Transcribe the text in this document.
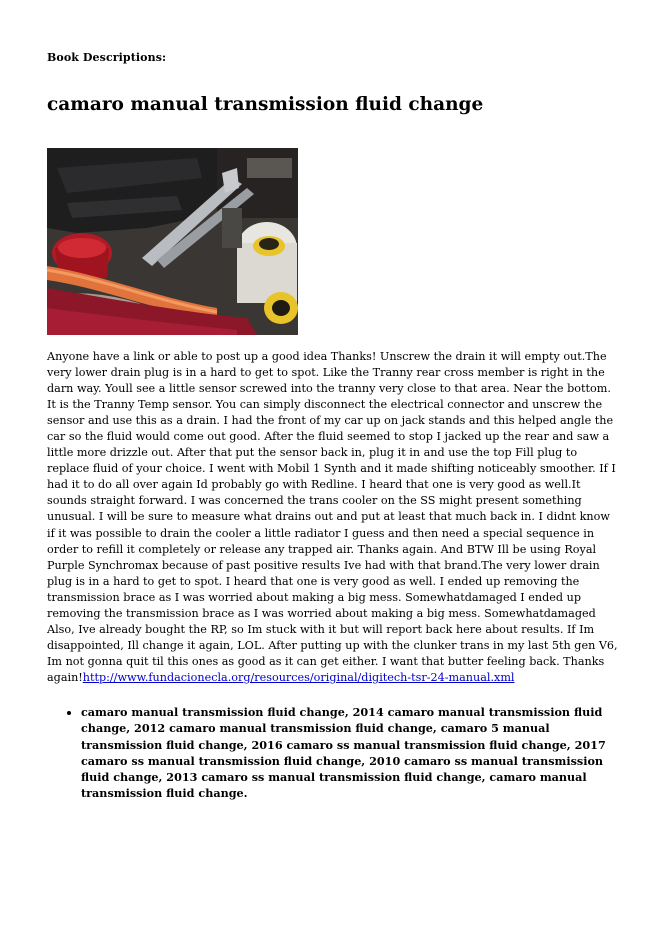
Book Descriptions:
camaro manual transmission fluid change

Anyone have a link or able to post up a good idea Thanks! Unscrew the drain it will empty out.The very lower drain plug is in a hard to get to spot. Like the Tranny rear cross member is right in the darn way. Youll see a little sensor screwed into the tranny very close to that area. Near the bottom. It is the Tranny Temp sensor. You can simply disconnect the electrical connector and unscrew the sensor and use this as a drain. I had the front of my car up on jack stands and this helped angle the car so the fluid would come out good. After the fluid seemed to stop I jacked up the rear and saw a little more drizzle out. After that put the sensor back in, plug it in and use the top Fill plug to replace fluid of your choice. I went with Mobil 1 Synth and it made shifting noticeably smoother. If I had it to do all over again Id probably go with Redline. I heard that one is very good as well.It sounds straight forward. I was concerned the trans cooler on the SS might present something unusual. I will be sure to measure what drains out and put at least that much back in. I didnt know if it was possible to drain the cooler a little radiator I guess and then need a special sequence in order to refill it completely or release any trapped air. Thanks again. And BTW Ill be using Royal Purple Synchromax because of past positive results Ive had with that brand.The very lower drain plug is in a hard to get to spot. I heard that one is very good as well. I ended up removing the transmission brace as I was worried about making a big mess. Somewhatdamaged I ended up removing the transmission brace as I was worried about making a big mess. Somewhatdamaged Also, Ive already bought the RP, so Im stuck with it but will report back here about results. If Im disappointed, Ill change it again, LOL. After putting up with the clunker trans in my last 5th gen V6, Im not gonna quit til this ones as good as it can get either. I want that butter feeling back. Thanks again!http://www.fundacionecla.org/resources/original/digitech-tsr-24-manual.xml

• camaro manual transmission fluid change, 2014 camaro manual transmission fluid change, 2012 camaro manual transmission fluid change, camaro 5 manual transmission fluid change, 2016 camaro ss manual transmission fluid change, 2017 camaro ss manual transmission fluid change, 2010 camaro ss manual transmission fluid change, 2013 camaro ss manual transmission fluid change, camaro manual transmission fluid change.
